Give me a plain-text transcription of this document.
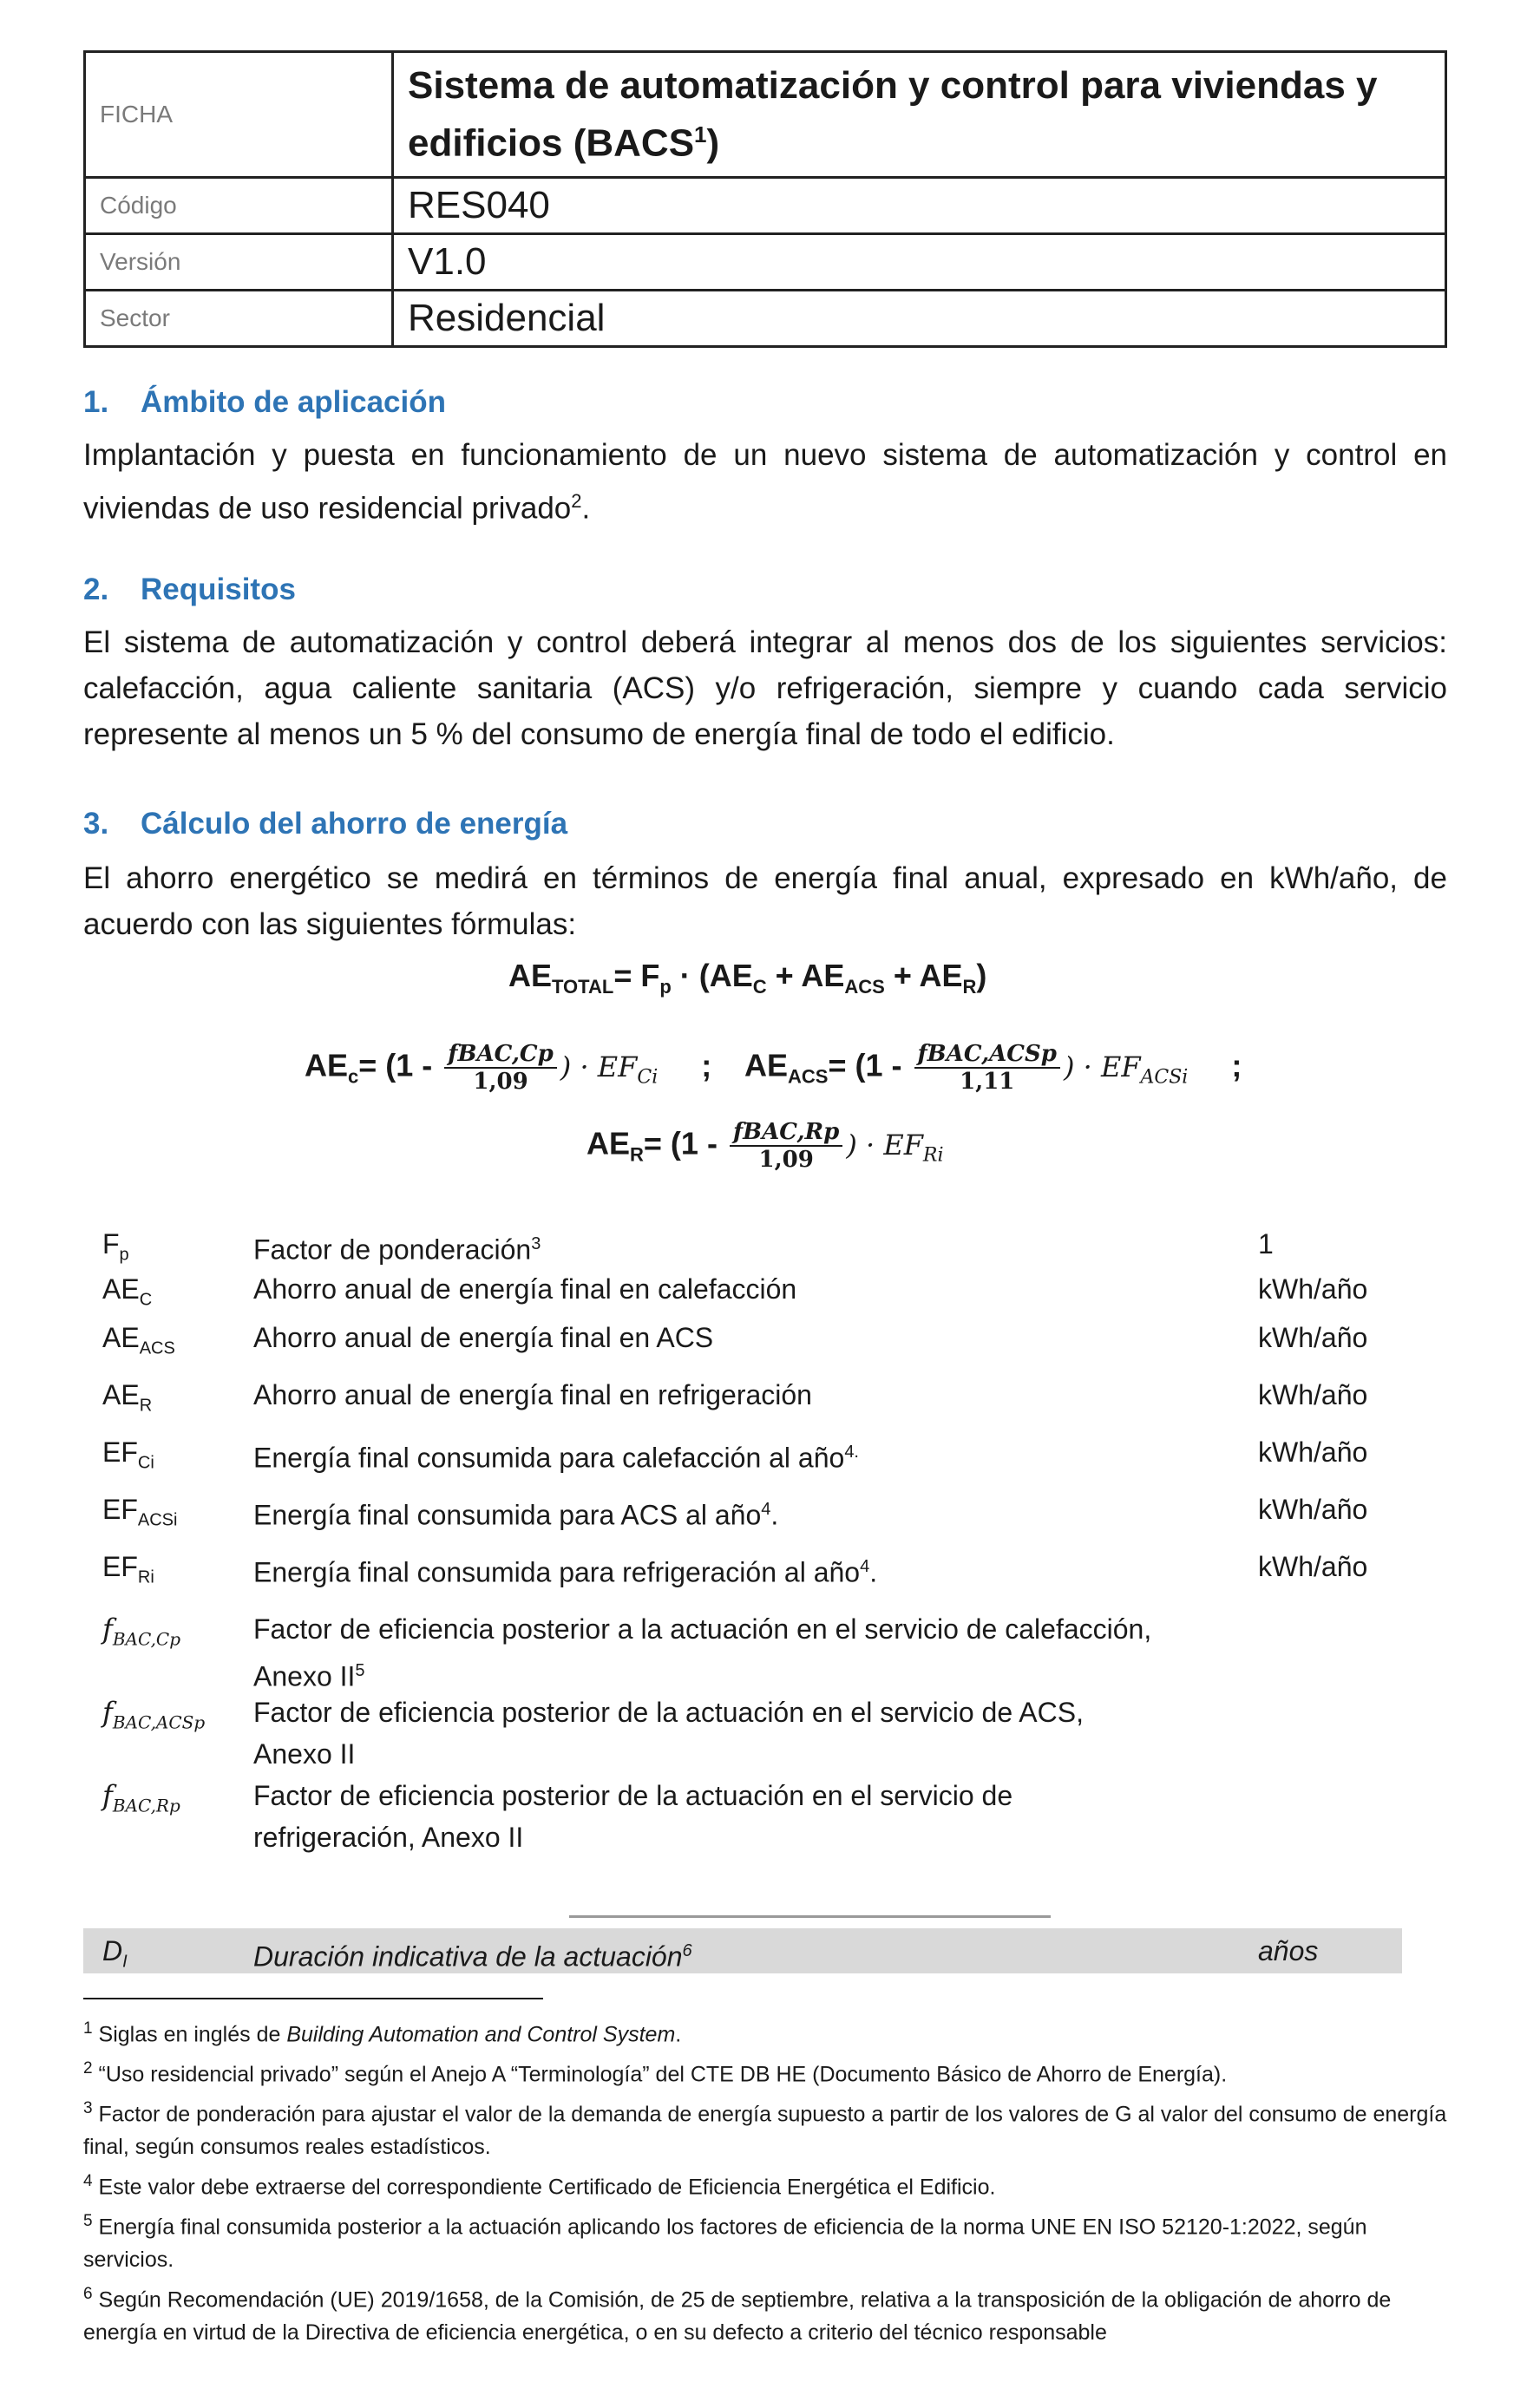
FICHA	Sistema de automatización y control para viviendas y edificios (BACS$^1$)
Código	RES040
Versión	V1.0
Sector	Residencial
1. Ámbito de aplicación

Implantación y puesta en funcionamiento de un nuevo sistema de automatización y control en viviendas de uso residencial privado$^2$.

2. Requisitos

El sistema de automatización y control deberá integrar al menos dos de los siguientes servicios: calefacción, agua caliente sanitaria (ACS) y/o refrigeración, siempre y cuando cada servicio represente al menos un 5 % del consumo de energía final de todo el edificio.

3. Cálculo del ahorro de energía

El ahorro energético se medirá en términos de energía final anual, expresado en kWh/año, de acuerdo con las siguientes fórmulas:

$AE_{TOTAL}= F_p \cdot (AE_C + AE_{ACS} + AE_R)$
$AE_c= (1 - \frac{\text{fBAC,Cp}}{1,09}$ ) · $EF_{Ci}$ ; $AE_{ACS}= (1 - \frac{\text{fBAC,ACSp}}{1,11}$ ) · $EF_{ACSi}$ ;
$AE_R= (1 - \frac{\text{fBAC,Rp}}{1,09}$ ) · $EF_{Ri}$
$F_p$	Factor de ponderación$^3$	1
$AE_C$	Ahorro anual de energía final en calefacción	kWh/año
$AE_{ACS}$	Ahorro anual de energía final en ACS	kWh/año
$AE_R$	Ahorro anual de energía final en refrigeración	kWh/año
$EF_{Ci}$	Energía final consumida para calefacción al año$^{4.}$	kWh/año
$EF_{ACSi}$	Energía final consumida para ACS al año$^4$.	kWh/año
$EF_{Ri}$	Energía final consumida para refrigeración al año$^4$.	kWh/año
$f_{BAC,Cp}$	Factor de eficiencia posterior a la actuación en el servicio de calefacción,
Anexo $II^5$
$f_{BAC,ACSp}$ Factor de eficiencia posterior de la actuación en el servicio de ACS,
Anexo II
$f_{BAC,Rp}$	Factor de eficiencia posterior de la actuación en el servicio de
refrigeración, Anexo II
$D_I$	Duración indicativa de la actuación$^6$	años

$^1$ Siglas en inglés de Building Automation and Control System.

$^2$ “Uso residencial privado” según el Anejo A “Terminología” del CTE DB HE (Documento Básico de Ahorro de Energía).

$^3$ Factor de ponderación para ajustar el valor de la demanda de energía supuesto a partir de los valores de G al valor del consumo de energía final, según consumos reales estadísticos.

$^4$ Este valor debe extraerse del correspondiente Certificado de Eficiencia Energética el Edificio.

$^5$ Energía final consumida posterior a la actuación aplicando los factores de eficiencia de la norma UNE EN ISO 52120-1:2022, según servicios.

$^6$ Según Recomendación (UE) 2019/1658, de la Comisión, de 25 de septiembre, relativa a la transposición de la obligación de ahorro de energía en virtud de la Directiva de eficiencia energética, o en su defecto a criterio del técnico responsable
